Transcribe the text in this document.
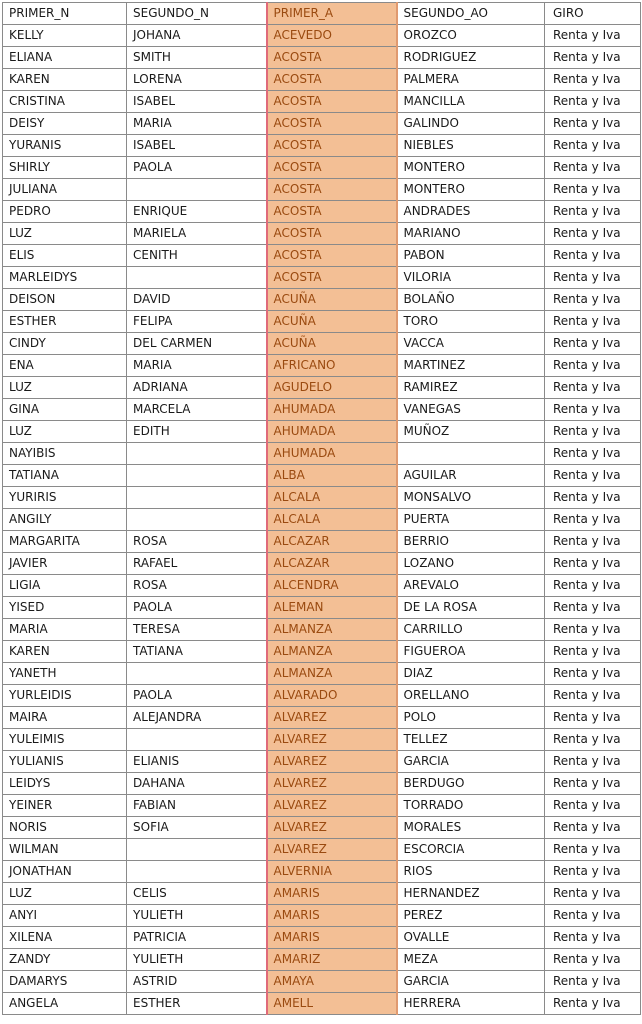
PRIMER_N	SEGUNDO_N	PRIMER_A	SEGUNDO_AO	GIRO
KELLY	JOHANA	ACEVEDO	OROZCO	Renta y Iva
ELIANA	SMITH	ACOSTA	RODRIGUEZ	Renta y Iva
KAREN	LORENA	ACOSTA	PALMERA	Renta y Iva
CRISTINA	ISABEL	ACOSTA	MANCILLA	Renta y Iva
DEISY	MARIA	ACOSTA	GALINDO	Renta y Iva
YURANIS	ISABEL	ACOSTA	NIEBLES	Renta y Iva
SHIRLY	PAOLA	ACOSTA	MONTERO	Renta y Iva
JULIANA		ACOSTA	MONTERO	Renta y Iva
PEDRO	ENRIQUE	ACOSTA	ANDRADES	Renta y Iva
LUZ	MARIELA	ACOSTA	MARIANO	Renta y Iva
ELIS	CENITH	ACOSTA	PABON	Renta y Iva
MARLEIDYS		ACOSTA	VILORIA	Renta y Iva
DEISON	DAVID	ACUÑA	BOLAÑO	Renta y Iva
ESTHER	FELIPA	ACUÑA	TORO	Renta y Iva
CINDY	DEL CARMEN	ACUÑA	VACCA	Renta y Iva
ENA	MARIA	AFRICANO	MARTINEZ	Renta y Iva
LUZ	ADRIANA	AGUDELO	RAMIREZ	Renta y Iva
GINA	MARCELA	AHUMADA	VANEGAS	Renta y Iva
LUZ	EDITH	AHUMADA	MUÑOZ	Renta y Iva
NAYIBIS		AHUMADA		Renta y Iva
TATIANA		ALBA	AGUILAR	Renta y Iva
YURIRIS		ALCALA	MONSALVO	Renta y Iva
ANGILY		ALCALA	PUERTA	Renta y Iva
MARGARITA	ROSA	ALCAZAR	BERRIO	Renta y Iva
JAVIER	RAFAEL	ALCAZAR	LOZANO	Renta y Iva
LIGIA	ROSA	ALCENDRA	AREVALO	Renta y Iva
YISED	PAOLA	ALEMAN	DE LA ROSA	Renta y Iva
MARIA	TERESA	ALMANZA	CARRILLO	Renta y Iva
KAREN	TATIANA	ALMANZA	FIGUEROA	Renta y Iva
YANETH		ALMANZA	DIAZ	Renta y Iva
YURLEIDIS	PAOLA	ALVARADO	ORELLANO	Renta y Iva
MAIRA	ALEJANDRA	ALVAREZ	POLO	Renta y Iva
YULEIMIS		ALVAREZ	TELLEZ	Renta y Iva
YULIANIS	ELIANIS	ALVAREZ	GARCIA	Renta y Iva
LEIDYS	DAHANA	ALVAREZ	BERDUGO	Renta y Iva
YEINER	FABIAN	ALVAREZ	TORRADO	Renta y Iva
NORIS	SOFIA	ALVAREZ	MORALES	Renta y Iva
WILMAN		ALVAREZ	ESCORCIA	Renta y Iva
JONATHAN		ALVERNIA	RIOS	Renta y Iva
LUZ	CELIS	AMARIS	HERNANDEZ	Renta y Iva
ANYI	YULIETH	AMARIS	PEREZ	Renta y Iva
XILENA	PATRICIA	AMARIS	OVALLE	Renta y Iva
ZANDY	YULIETH	AMARIZ	MEZA	Renta y Iva
DAMARYS	ASTRID	AMAYA	GARCIA	Renta y Iva
ANGELA	ESTHER	AMELL	HERRERA	Renta y Iva
